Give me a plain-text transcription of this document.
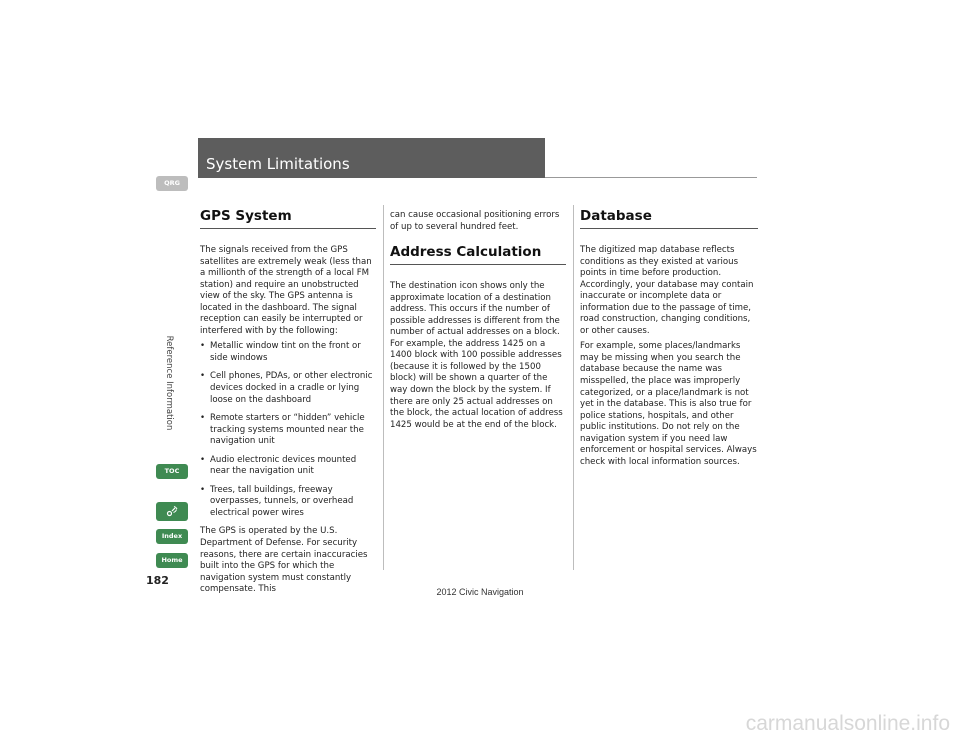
System Limitations
QRG
Reference Information
TOC
Index
Home
182
2012 Civic Navigation
carmanualsonline.info
GPS System

The signals received from the GPS satellites are extremely weak (less than a millionth of the strength of a local FM station) and require an unobstructed view of the sky. The GPS antenna is located in the dashboard. The signal reception can easily be interrupted or interfered with by the following:

• Metallic window tint on the front or side windows
• Cell phones, PDAs, or other electronic devices docked in a cradle or lying loose on the dashboard
• Remote starters or “hidden” vehicle tracking systems mounted near the navigation unit
• Audio electronic devices mounted near the navigation unit
• Trees, tall buildings, freeway overpasses, tunnels, or overhead electrical power wires

The GPS is operated by the U.S. Department of Defense. For security reasons, there are certain inaccuracies built into the GPS for which the navigation system must constantly compensate. This

can cause occasional positioning errors of up to several hundred feet.

Address Calculation

The destination icon shows only the approximate location of a destination address. This occurs if the number of possible addresses is different from the number of actual addresses on a block. For example, the address 1425 on a 1400 block with 100 possible addresses (because it is followed by the 1500 block) will be shown a quarter of the way down the block by the system. If there are only 25 actual addresses on the block, the actual location of address 1425 would be at the end of the block.

Database

The digitized map database reflects conditions as they existed at various points in time before production. Accordingly, your database may contain inaccurate or incomplete data or information due to the passage of time, road construction, changing conditions, or other causes.

For example, some places/landmarks may be missing when you search the database because the name was misspelled, the place was improperly categorized, or a place/landmark is not yet in the database. This is also true for police stations, hospitals, and other public institutions. Do not rely on the navigation system if you need law enforcement or hospital services. Always check with local information sources.
